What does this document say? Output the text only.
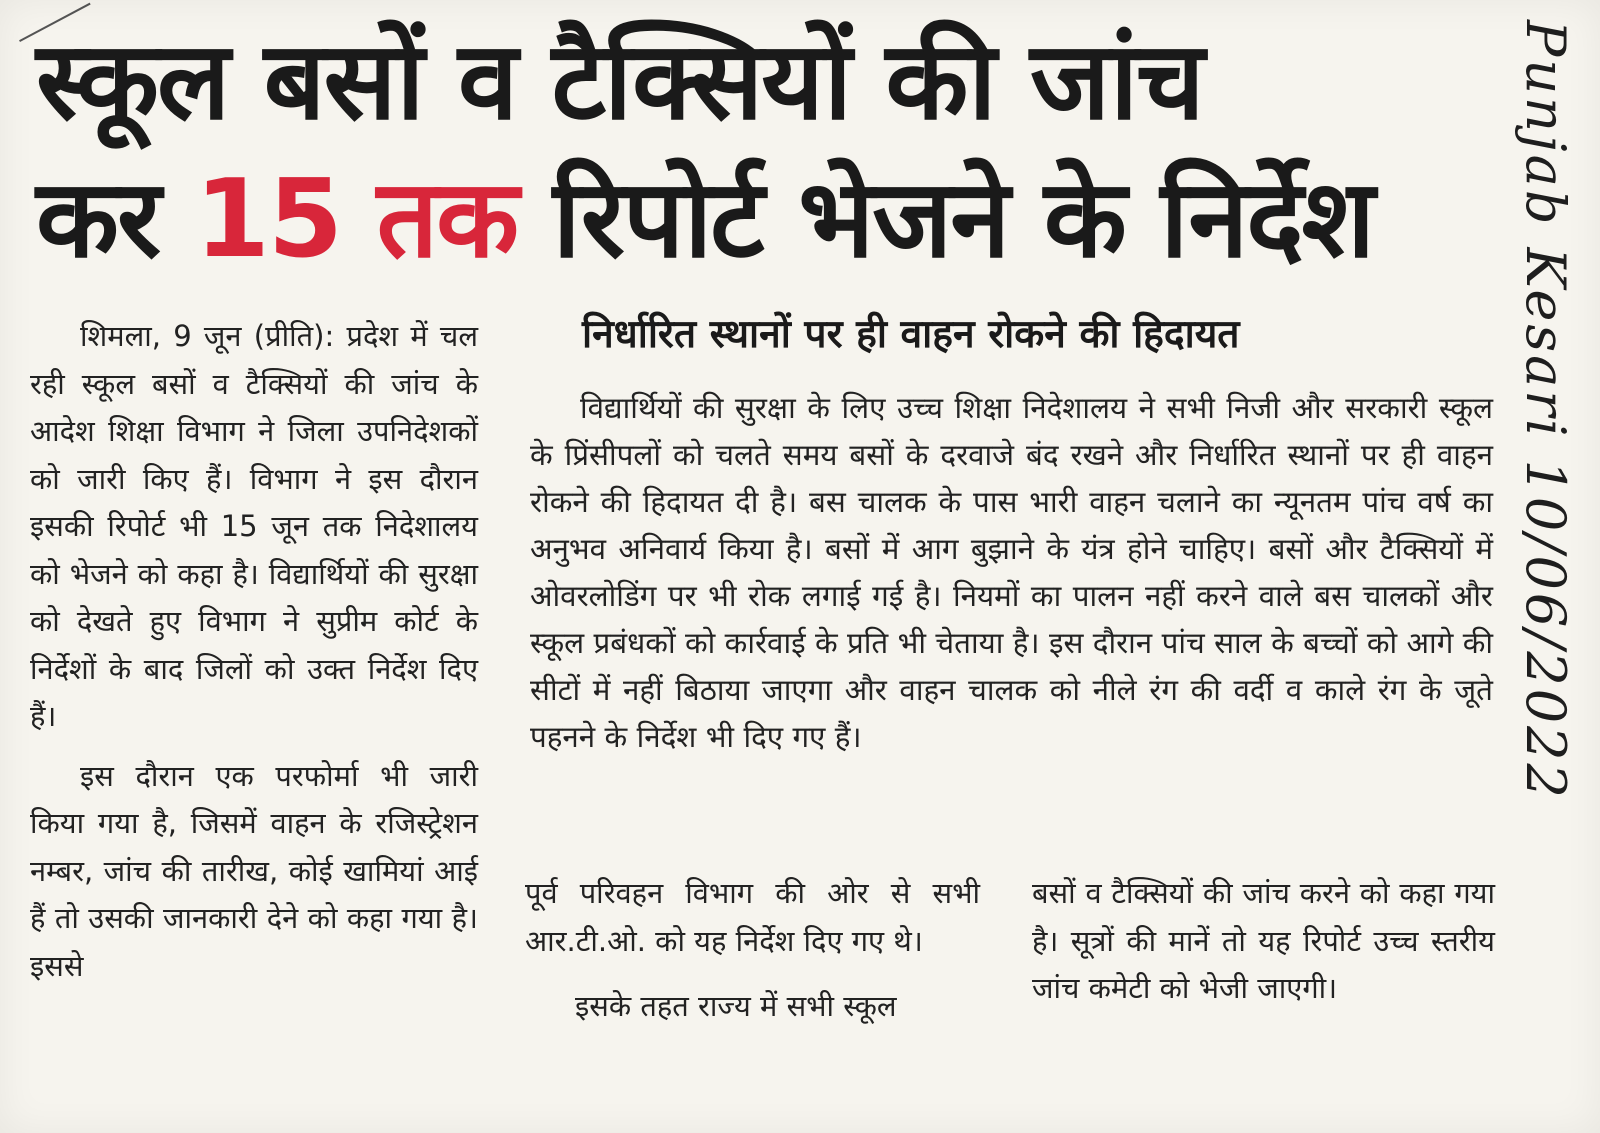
स्कूल बसों व टैक्सियों की जांच
कर 15 तक रिपोर्ट भेजने के निर्देश
निर्धारित स्थानों पर ही वाहन रोकने की हिदायत

शिमला, 9 जून (प्रीति): प्रदेश में चल रही स्कूल बसों व टैक्सियों की जांच के आदेश शिक्षा विभाग ने जिला उपनिदेशकों को जारी किए हैं। विभाग ने इस दौरान इसकी रिपोर्ट भी 15 जून तक निदेशालय को भेजने को कहा है। विद्यार्थियों की सुरक्षा को देखते हुए विभाग ने सुप्रीम कोर्ट के निर्देशों के बाद जिलों को उक्त निर्देश दिए हैं।

इस दौरान एक परफोर्मा भी जारी किया गया है, जिसमें वाहन के रजिस्ट्रेशन नम्बर, जांच की तारीख, कोई खामियां आई हैं तो उसकी जानकारी देने को कहा गया है। इससे

विद्यार्थियों की सुरक्षा के लिए उच्च शिक्षा निदेशालय ने सभी निजी और सरकारी स्कूल के प्रिंसीपलों को चलते समय बसों के दरवाजे बंद रखने और निर्धारित स्थानों पर ही वाहन रोकने की हिदायत दी है। बस चालक के पास भारी वाहन चलाने का न्यूनतम पांच वर्ष का अनुभव अनिवार्य किया है। बसों में आग बुझाने के यंत्र होने चाहिए। बसों और टैक्सियों में ओवरलोडिंग पर भी रोक लगाई गई है। नियमों का पालन नहीं करने वाले बस चालकों और स्कूल प्रबंधकों को कार्रवाई के प्रति भी चेताया है। इस दौरान पांच साल के बच्चों को आगे की सीटों में नहीं बिठाया जाएगा और वाहन चालक को नीले रंग की वर्दी व काले रंग के जूते पहनने के निर्देश भी दिए गए हैं।

पूर्व परिवहन विभाग की ओर से सभी आर.टी.ओ. को यह निर्देश दिए गए थे।

इसके तहत राज्य में सभी स्कूल

बसों व टैक्सियों की जांच करने को कहा गया है। सूत्रों की मानें तो यह रिपोर्ट उच्च स्तरीय जांच कमेटी को भेजी जाएगी।

Punjab Kesari 10/06/2022
